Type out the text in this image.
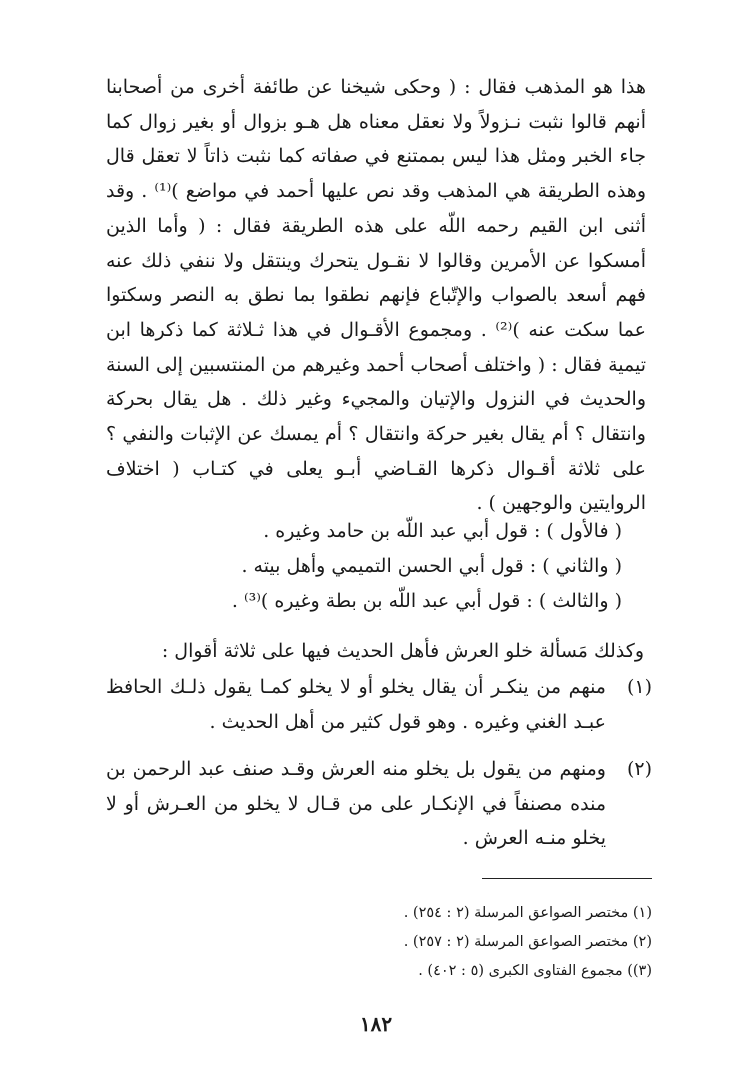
هذا هو المذهب فقال : ( وحكى شيخنا عن طائفة أخرى من أصحابنا أنهم قالوا نثبت نـزولاً ولا نعقل معناه هل هـو بزوال أو بغير زوال كما جاء الخبر ومثل هذا ليس بممتنع في صفاته كما نثبت ذاتاً لا تعقل قال وهذه الطريقة هي المذهب وقد نص عليها أحمد في مواضع )⁽¹⁾ . وقد أثنى ابن القيم رحمه اللّه على هذه الطريقة فقال : ( وأما الذين أمسكوا عن الأمرين وقالوا لا نقـول يتحرك وينتقل ولا ننفي ذلك عنه فهم أسعد بالصواب والإتّباع فإنهم نطقوا بما نطق به النصر وسكتوا عما سكت عنه )⁽²⁾ . ومجموع الأقـوال في هذا ثـلاثة كما ذكرها ابن تيمية فقال : ( واختلف أصحاب أحمد وغيرهم من المنتسبين إلى السنة والحديث في النزول والإتيان والمجيء وغير ذلك . هل يقال بحركة وانتقال ؟ أم يقال بغير حركة وانتقال ؟ أم يمسك عن الإثبات والنفي ؟ على ثلاثة أقـوال ذكرها القـاضي أبـو يعلى في كتـاب ( اختلاف الروايتين والوجهين ) .
( فالأول ) : قول أبي عبد اللّه بن حامد وغيره .
( والثاني ) : قول أبي الحسن التميمي وأهل بيته .
( والثالث ) : قول أبي عبد اللّه بن بطة وغيره )⁽³⁾ .
وكذلك مَسألة خلو العرش فأهل الحديث فيها على ثلاثة أقوال :
(١)
منهم من ينكـر أن يقال يخلو أو لا يخلو كمـا يقول ذلـك الحافظ عبـد الغني وغيره . وهو قول كثير من أهل الحديث .
(٢)
ومنهم من يقول بل يخلو منه العرش وقـد صنف عبد الرحمن بن منده مصنفاً في الإنكـار على من قـال لا يخلو من العـرش أو لا يخلو منـه العرش .
(١) مختصر الصواعق المرسلة (٢ : ٢٥٤) .
(٢) مختصر الصواعق المرسلة (٢ : ٢٥٧) .
(٣)) مجموع الفتاوى الكبرى (٥ : ٤٠٢) .
١٨٢
